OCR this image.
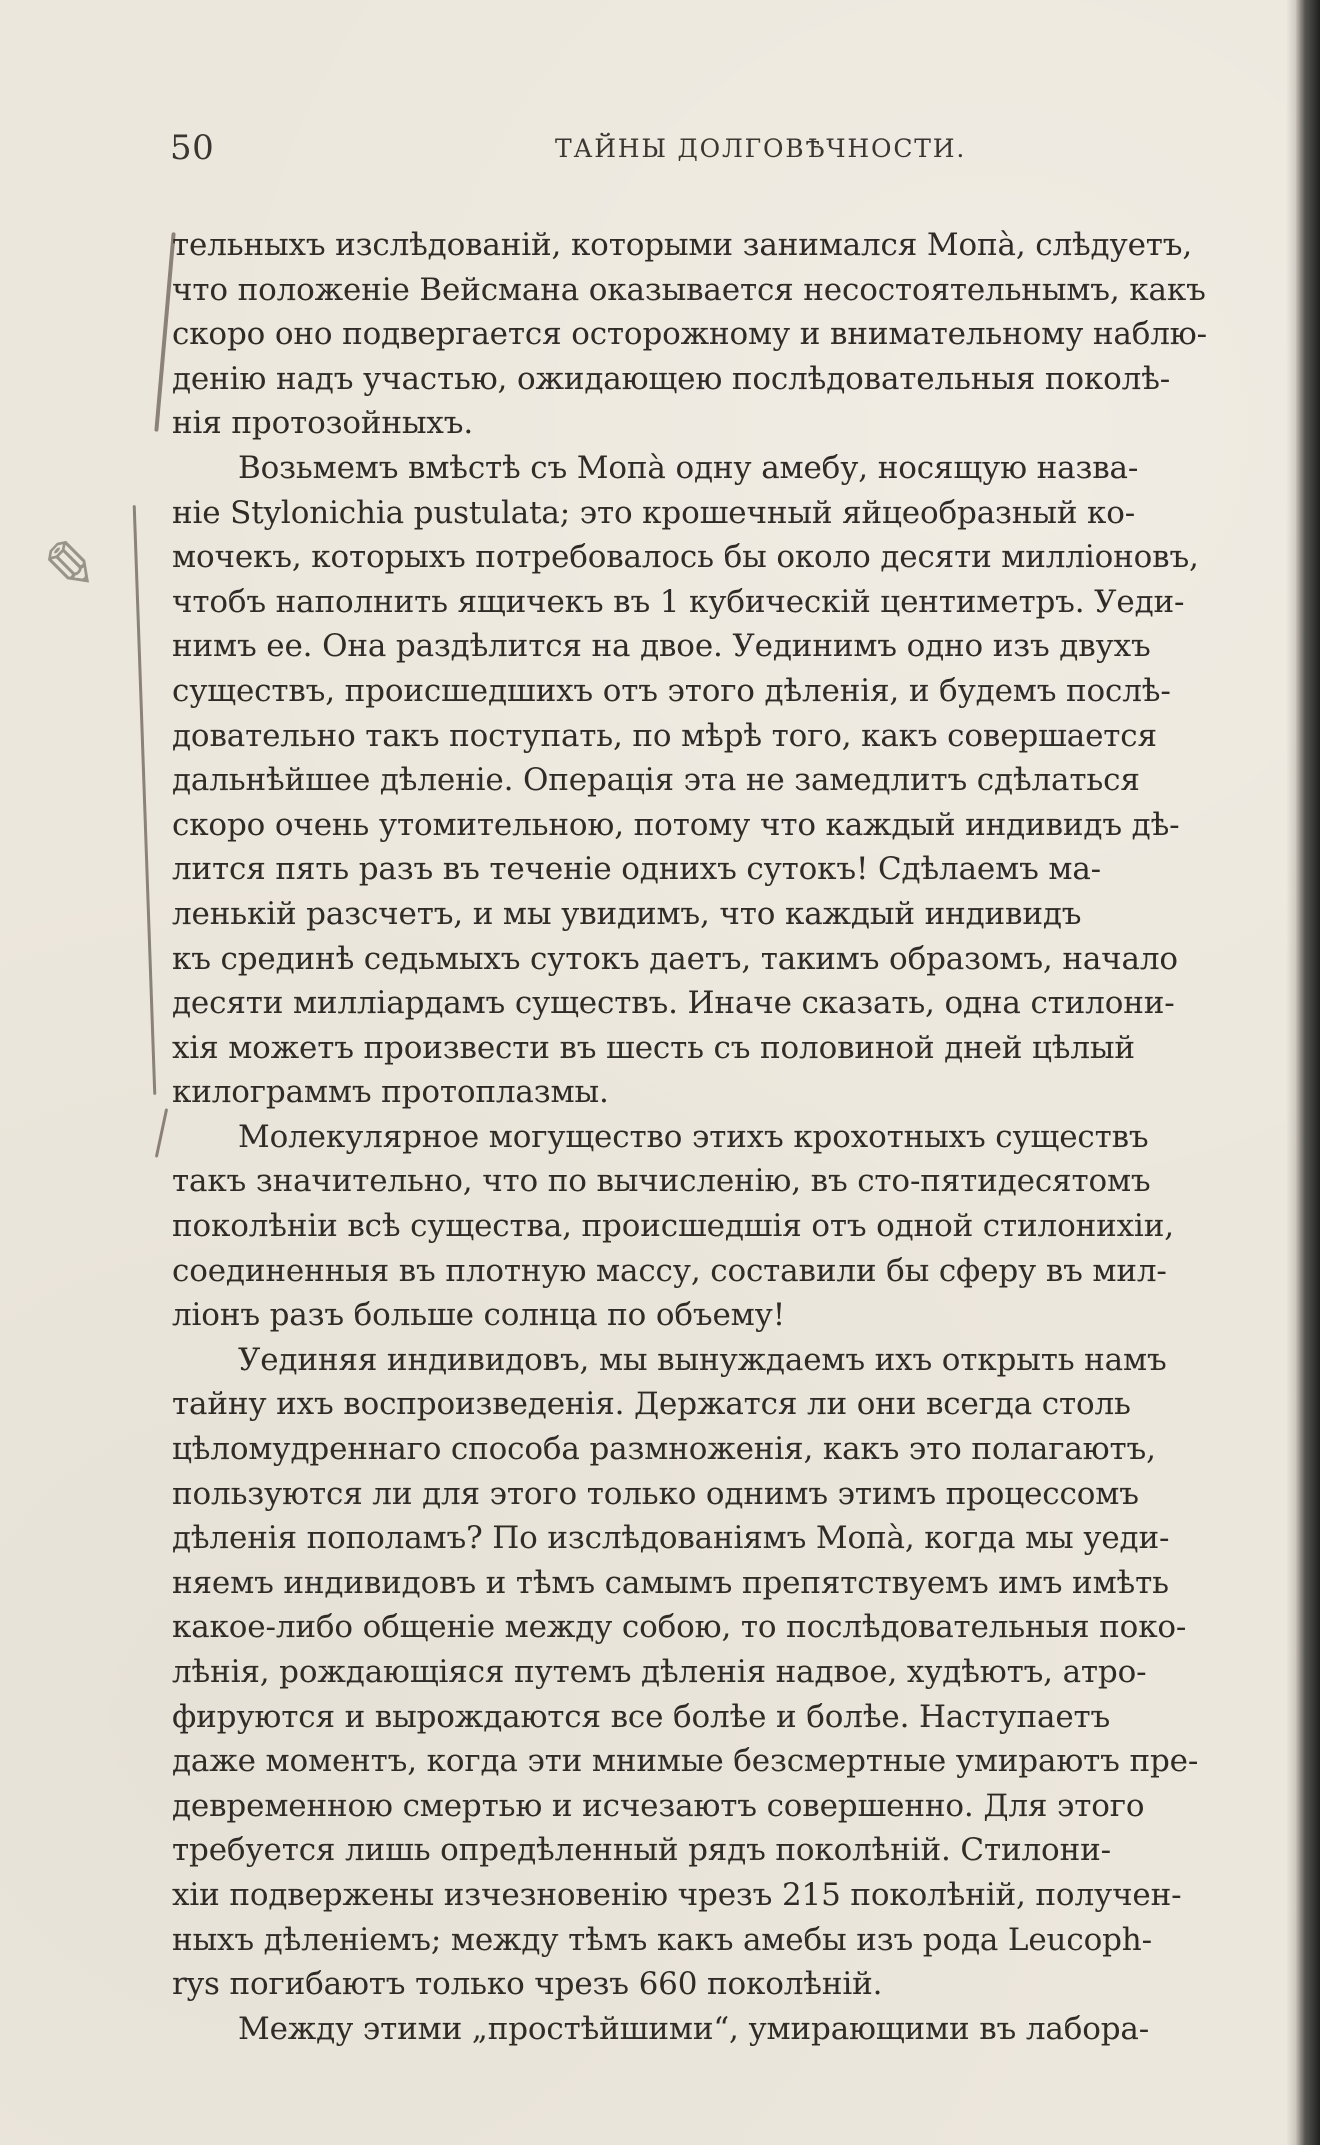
50	ТАЙНЫ ДОЛГОВѢЧНОСТИ.
✎
тельныхъ изслѣдованій, которыми занимался Мопà, слѣдуетъ,
что положеніе Вейсмана оказывается несостоятельнымъ, какъ
скоро оно подвергается осторожному и внимательному наблю-
денію надъ участью, ожидающею послѣдовательныя поколѣ-
нія протозойныхъ.
Возьмемъ вмѣстѣ съ Мопà одну амебу, носящую назва-
ніе Stylonichia pustulata; это крошечный яйцеобразный ко-
мочекъ, которыхъ потребовалось бы около десяти милліоновъ,
чтобъ наполнить ящичекъ въ 1 кубическій центиметръ. Уеди-
нимъ ее. Она раздѣлится на двое. Уединимъ одно изъ двухъ
существъ, происшедшихъ отъ этого дѣленія, и будемъ послѣ-
довательно такъ поступать, по мѣрѣ того, какъ совершается
дальнѣйшее дѣленіе. Операція эта не замедлитъ сдѣлаться
скоро очень утомительною, потому что каждый индивидъ дѣ-
лится пять разъ въ теченіе однихъ сутокъ! Сдѣлаемъ ма-
ленькій разсчетъ, и мы увидимъ, что каждый индивидъ
къ срединѣ седьмыхъ сутокъ даетъ, такимъ образомъ, начало
десяти милліардамъ существъ. Иначе сказать, одна стилони-
хія можетъ произвести въ шесть съ половиной дней цѣлый
килограммъ протоплазмы.
Молекулярное могущество этихъ крохотныхъ существъ
такъ значительно, что по вычисленію, въ сто-пятидесятомъ
поколѣніи всѣ существа, происшедшія отъ одной стилонихіи,
соединенныя въ плотную массу, составили бы сферу въ мил-
ліонъ разъ больше солнца по объему!
Уединяя индивидовъ, мы вынуждаемъ ихъ открыть намъ
тайну ихъ воспроизведенія. Держатся ли они всегда столь
цѣломудреннаго способа размноженія, какъ это полагаютъ,
пользуются ли для этого только однимъ этимъ процессомъ
дѣленія пополамъ? По изслѣдованіямъ Мопà, когда мы уеди-
няемъ индивидовъ и тѣмъ самымъ препятствуемъ имъ имѣть
какое-либо общеніе между собою, то послѣдовательныя поко-
лѣнія, рождающіяся путемъ дѣленія надвое, худѣютъ, атро-
фируются и вырождаются все болѣе и болѣе. Наступаетъ
даже моментъ, когда эти мнимые безсмертные умираютъ пре-
девременною смертью и исчезаютъ совершенно. Для этого
требуется лишь опредѣленный рядъ поколѣній. Стилони-
хіи подвержены изчезновенію чрезъ 215 поколѣній, получен-
ныхъ дѣленіемъ; между тѣмъ какъ амебы изъ рода Leucoph-
rys погибаютъ только чрезъ 660 поколѣній.
Между этими „простѣйшими“, умирающими въ лабора-
